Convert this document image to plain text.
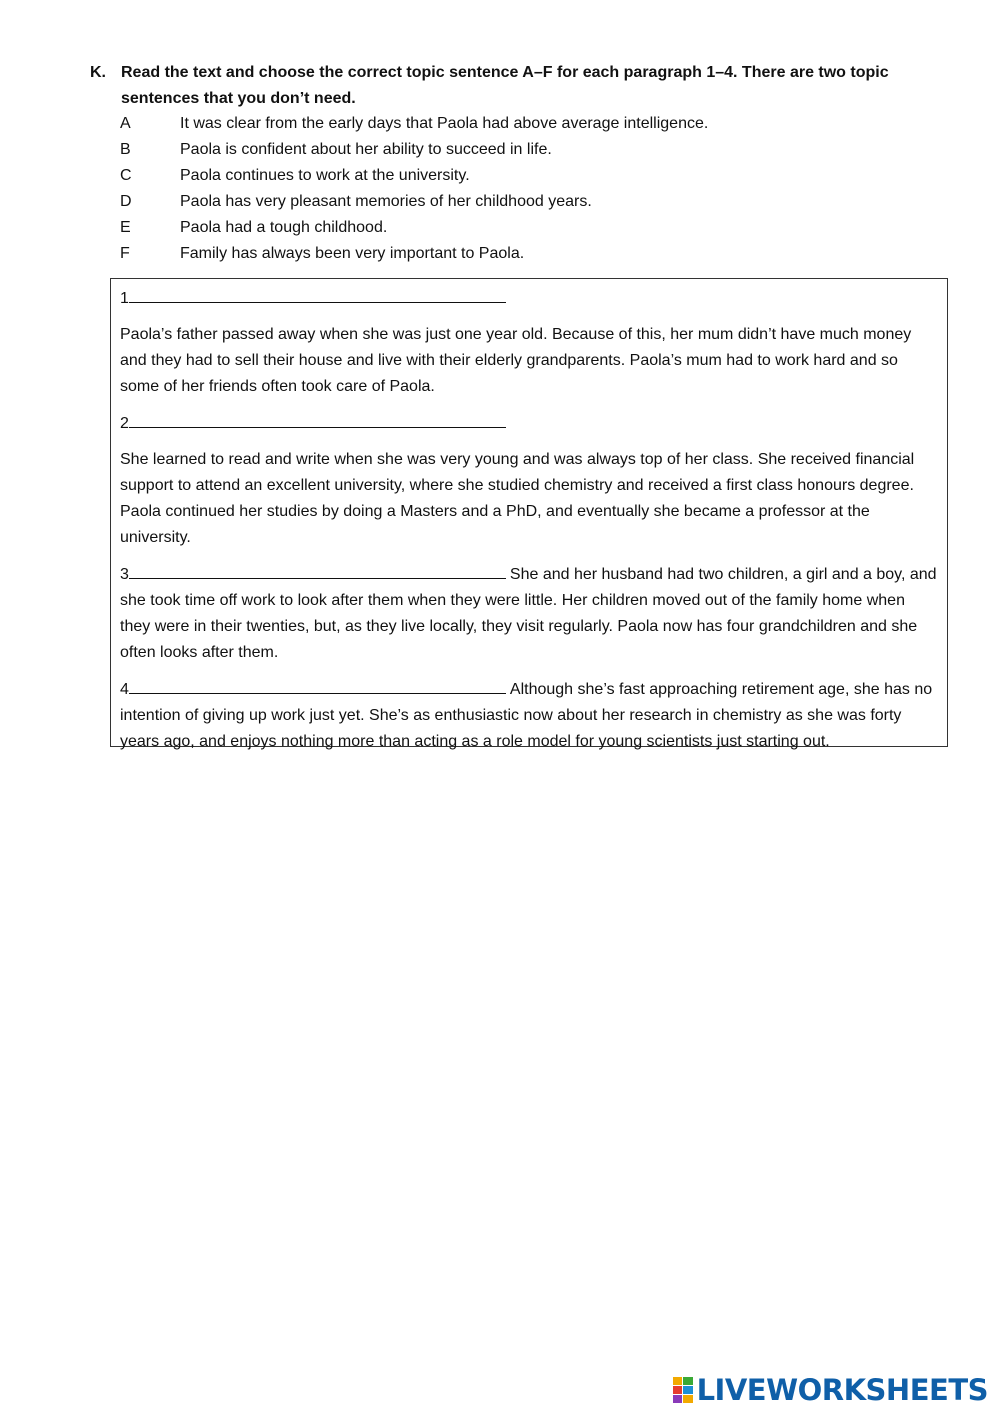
K. Read the text and choose the correct topic sentence A–F for each paragraph 1–4. There are two topic sentences that you don’t need.
A	It was clear from the early days that Paola had above average intelligence.
B	Paola is confident about her ability to succeed in life.
C	Paola continues to work at the university.
D	Paola has very pleasant memories of her childhood years.
E	Paola had a tough childhood.
F	Family has always been very important to Paola.
1

Paola’s father passed away when she was just one year old. Because of this, her mum didn’t have much money and they had to sell their house and live with their elderly grandparents. Paola’s mum had to work hard and so some of her friends often took care of Paola.

2

She learned to read and write when she was very young and was always top of her class. She received financial support to attend an excellent university, where she studied chemistry and received a first class honours degree. Paola continued her studies by doing a Masters and a PhD, and eventually she became a professor at the university.

3	She and her husband had two children, a girl and a boy, and she took time off work to look after them when they were little. Her children moved out of the family home when they were in their twenties, but, as they live locally, they visit regularly. Paola now has four grandchildren and she often looks after them.

4	Although she’s fast approaching retirement age, she has no intention of giving up work just yet. She’s as enthusiastic now about her research in chemistry as she was forty years ago, and enjoys nothing more than acting as a role model for young scientists just starting out.

LIVEWORKSHEETS
